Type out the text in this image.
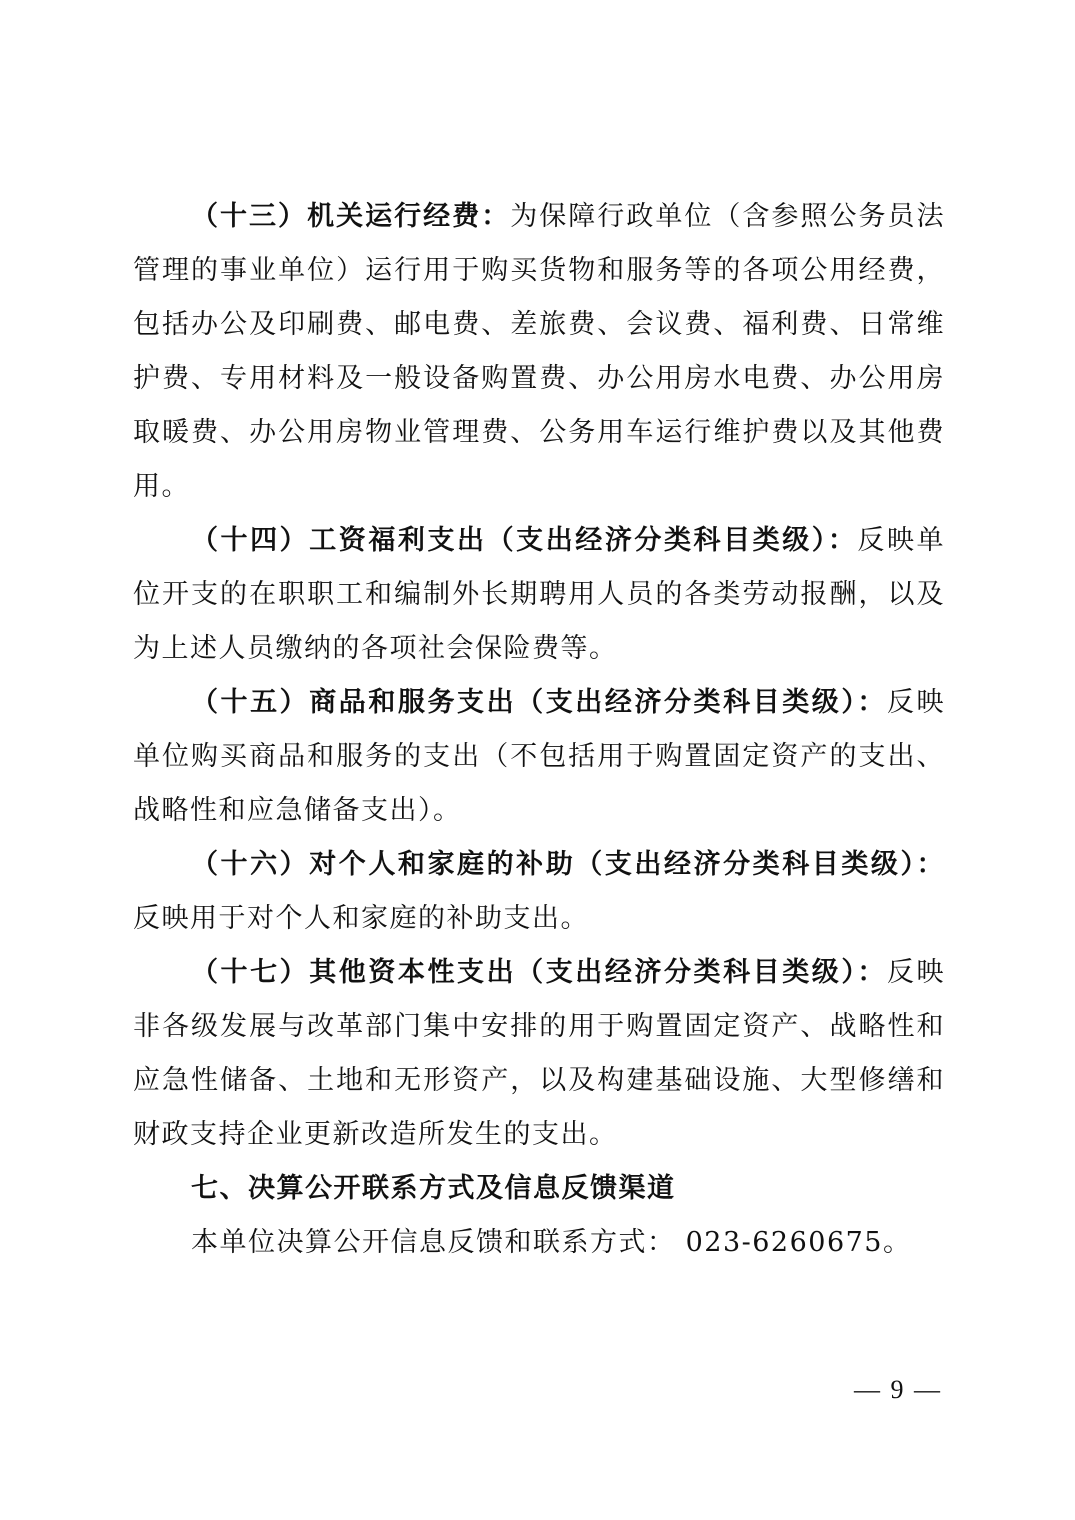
（十三）机关运行经费：为保障行政单位（含参照公务员法管理的事业单位）运行用于购买货物和服务等的各项公用经费，包括办公及印刷费、邮电费、差旅费、会议费、福利费、日常维护费、专用材料及一般设备购置费、办公用房水电费、办公用房取暖费、办公用房物业管理费、公务用车运行维护费以及其他费用。

（十四）工资福利支出（支出经济分类科目类级）：反映单位开支的在职职工和编制外长期聘用人员的各类劳动报酬，以及为上述人员缴纳的各项社会保险费等。

（十五）商品和服务支出（支出经济分类科目类级）：反映单位购买商品和服务的支出（不包括用于购置固定资产的支出、战略性和应急储备支出）。

（十六）对个人和家庭的补助（支出经济分类科目类级）：反映用于对个人和家庭的补助支出。

（十七）其他资本性支出（支出经济分类科目类级）：反映非各级发展与改革部门集中安排的用于购置固定资产、战略性和应急性储备、土地和无形资产，以及构建基础设施、大型修缮和财政支持企业更新改造所发生的支出。

七、决算公开联系方式及信息反馈渠道

本单位决算公开信息反馈和联系方式： 023-6260675。

— 9 —
